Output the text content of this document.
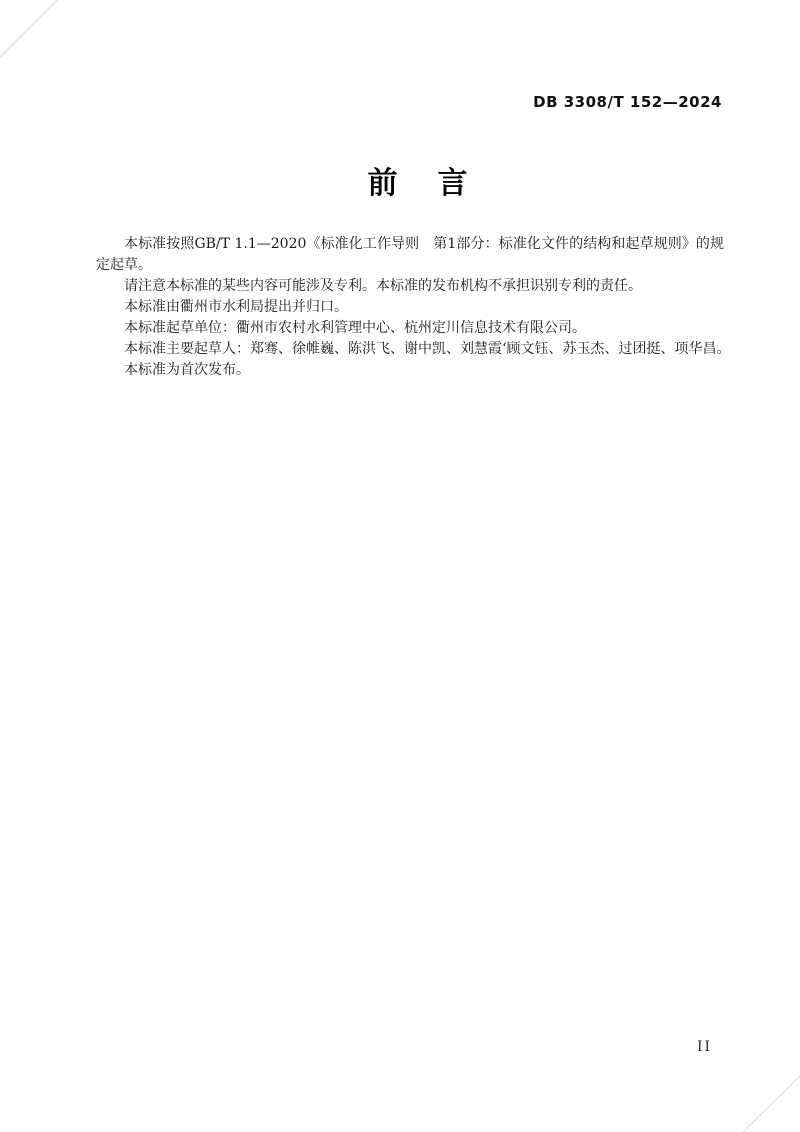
DB 3308/T 152—2024
前　言

本标准按照GB/T 1.1—2020《标准化工作导则　第1部分：标准化文件的结构和起草规则》的规定起草。

请注意本标准的某些内容可能涉及专利。本标准的发布机构不承担识别专利的责任。

本标准由衢州市水利局提出并归口。

本标准起草单位：衢州市农村水利管理中心、杭州定川信息技术有限公司。

本标准主要起草人：郑骞、徐帷巍、陈洪飞、谢中凯、刘慧霞‘顾文钰、苏玉杰、过团挺、项华昌。

本标准为首次发布。

II
